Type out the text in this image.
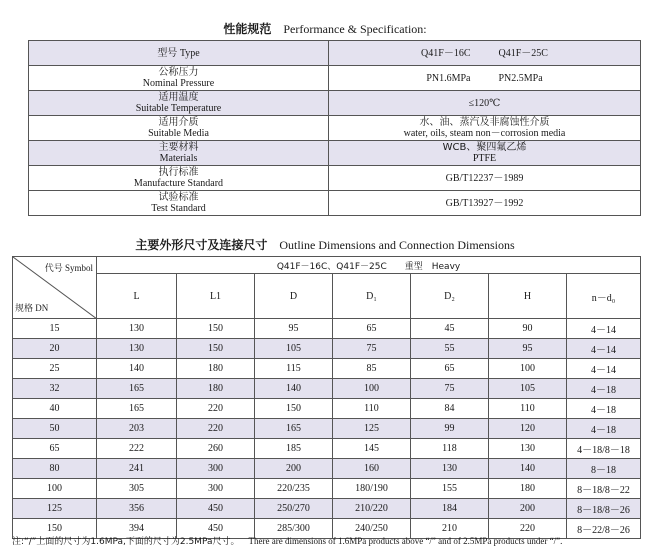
性能规范 Performance & Specification:
型号 Type	Q41F－16C Q41F－25C

公称压力
Nominal Pressure	PN1.6MPa PN2.5MPa

适用温度
Suitable Temperature	≤120℃

适用介质
Suitable Media	水、油、蒸汽及非腐蚀性介质
water, oils, steam non－corrosion media

主要材料
Materials	WCB、聚四氟乙烯
PTFE

执行标准
Manufacture Standard	GB/T12237－1989

试验标准
Test Standard	GB/T13927－1992
主要外形尺寸及连接尺寸 Outline Dimensions and Connection Dimensions
代号 Symbol
规格 DN	Q41F－16C、Q41F－25C　　重型　Heavy						
	L	L1	D	D₁	D₂	H	n－d₀
15	130	150	95	65	45	90	4－14
20	130	150	105	75	55	95	4－14
25	140	180	115	85	65	100	4－14
32	165	180	140	100	75	105	4－18
40	165	220	150	110	84	110	4－18
50	203	220	165	125	99	120	4－18
65	222	260	185	145	118	130	4－18/8－18
80	241	300	200	160	130	140	8－18
100	305	300	220/235	180/190	155	180	8－18/8－22
125	356	450	250/270	210/220	184	200	8－18/8－26
150	394	450	285/300	240/250	210	220	8－22/8－26
注:“/”上面的尺寸为1.6MPa,下面的尺寸为2.5MPa尺寸。 There are dimensions of 1.6MPa products above “/” and of 2.5MPa products under “/”.
